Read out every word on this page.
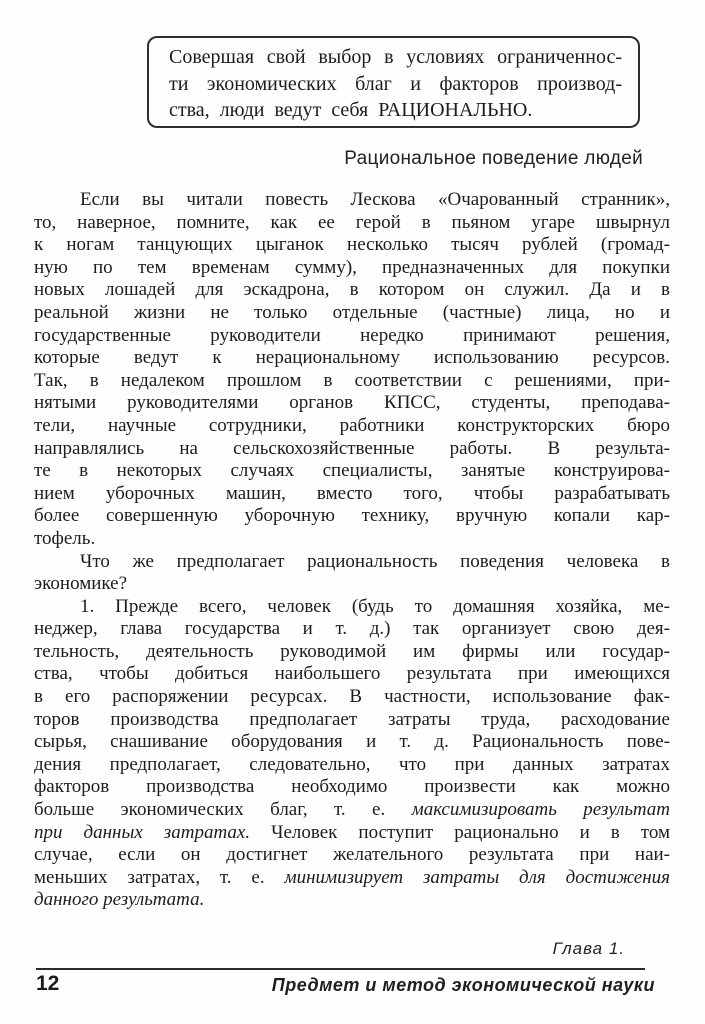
Совершая свой выбор в условиях ограниченнос-
ти экономических благ и факторов производ-
ства, люди ведут себя РАЦИОНАЛЬНО.
Рациональное поведение людей
Если вы читали повесть Лескова «Очарованный странник»,
то, наверное, помните, как ее герой в пьяном угаре швырнул
к ногам танцующих цыганок несколько тысяч рублей (громад-
ную по тем временам сумму), предназначенных для покупки
новых лошадей для эскадрона, в котором он служил. Да и в
реальной жизни не только отдельные (частные) лица, но и
государственные руководители нередко принимают решения,
которые ведут к нерациональному использованию ресурсов.
Так, в недалеком прошлом в соответствии с решениями, при-
нятыми руководителями органов КПСС, студенты, преподава-
тели, научные сотрудники, работники конструкторских бюро
направлялись на сельскохозяйственные работы. В результа-
те в некоторых случаях специалисты, занятые конструирова-
нием уборочных машин, вместо того, чтобы разрабатывать
более совершенную уборочную технику, вручную копали кар-
тофель.
Что же предполагает рациональность поведения человека в
экономике?
1. Прежде всего, человек (будь то домашняя хозяйка, ме-
неджер, глава государства и т. д.) так организует свою дея-
тельность, деятельность руководимой им фирмы или государ-
ства, чтобы добиться наибольшего результата при имеющихся
в его распоряжении ресурсах. В частности, использование фак-
торов производства предполагает затраты труда, расходование
сырья, снашивание оборудования и т. д. Рациональность пове-
дения предполагает, следовательно, что при данных затратах
факторов производства необходимо произвести как можно
больше экономических благ, т. е. максимизировать результат
при данных затратах. Человек поступит рационально и в том
случае, если он достигнет желательного результата при наи-
меньших затратах, т. е. минимизирует затраты для достижения
данного результата.
Глава 1.
12	Предмет и метод экономической науки
